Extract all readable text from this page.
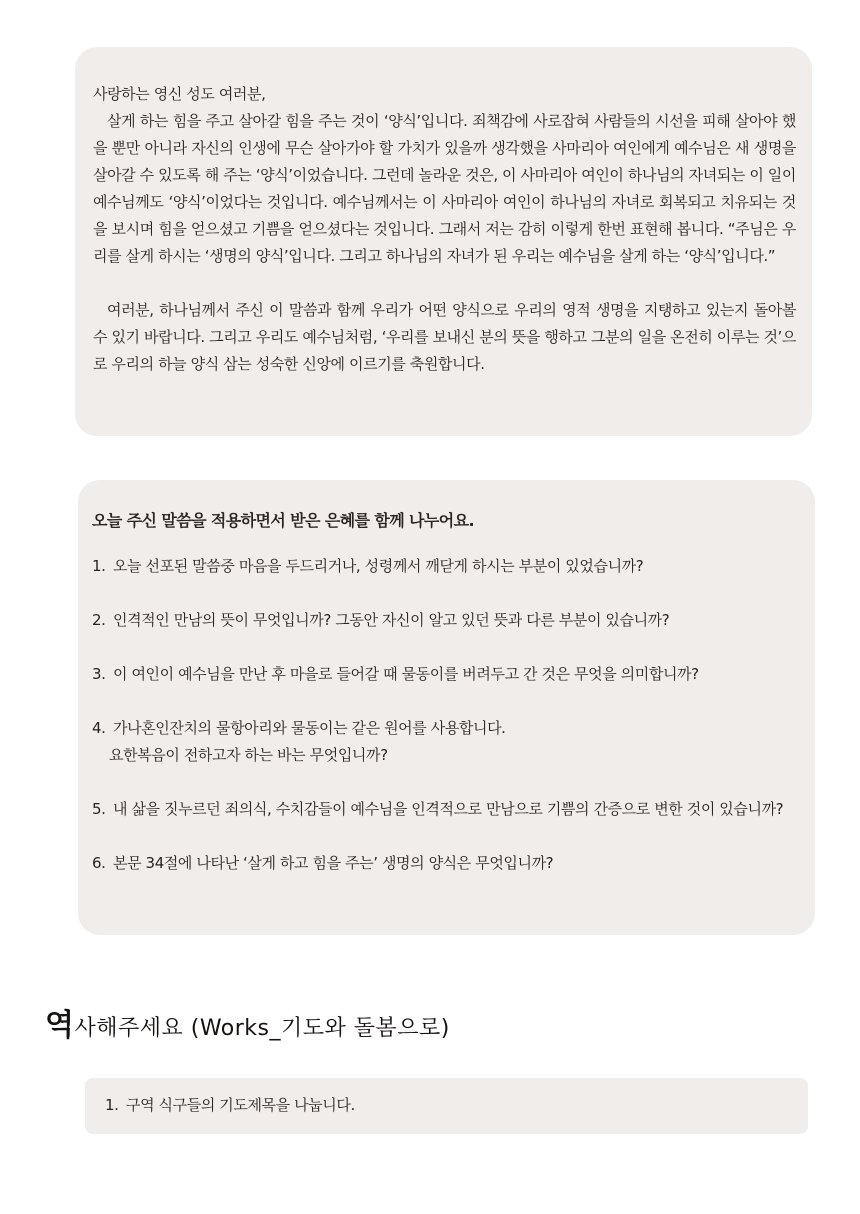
사랑하는 영신 성도 여러분,

살게 하는 힘을 주고 살아갈 힘을 주는 것이 ‘양식’입니다. 죄책감에 사로잡혀 사람들의 시선을 피해 살아야 했을 뿐만 아니라 자신의 인생에 무슨 살아가야 할 가치가 있을까 생각했을 사마리아 여인에게 예수님은 새 생명을 살아갈 수 있도록 해 주는 ‘양식’이었습니다. 그런데 놀라운 것은, 이 사마리아 여인이 하나님의 자녀되는 이 일이 예수님께도 ‘양식’이었다는 것입니다. 예수님께서는 이 사마리아 여인이 하나님의 자녀로 회복되고 치유되는 것을 보시며 힘을 얻으셨고 기쁨을 얻으셨다는 것입니다. 그래서 저는 감히 이렇게 한번 표현해 봅니다. “주님은 우리를 살게 하시는 ‘생명의 양식’입니다. 그리고 하나님의 자녀가 된 우리는 예수님을 살게 하는 ‘양식’입니다.”

여러분, 하나님께서 주신 이 말씀과 함께 우리가 어떤 양식으로 우리의 영적 생명을 지탱하고 있는지 돌아볼 수 있기 바랍니다. 그리고 우리도 예수님처럼, ‘우리를 보내신 분의 뜻을 행하고 그분의 일을 온전히 이루는 것’으로 우리의 하늘 양식 삼는 성숙한 신앙에 이르기를 축원합니다.

오늘 주신 말씀을 적용하면서 받은 은혜를 함께 나누어요.
1. 오늘 선포된 말씀중 마음을 두드리거나, 성령께서 깨닫게 하시는 부분이 있었습니까?
2. 인격적인 만남의 뜻이 무엇입니까? 그동안 자신이 알고 있던 뜻과 다른 부분이 있습니까?
3. 이 여인이 예수님을 만난 후 마을로 들어갈 때 물동이를 버려두고 간 것은 무엇을 의미합니까?
4. 가나혼인잔치의 물항아리와 물동이는 같은 원어를 사용합니다.
요한복음이 전하고자 하는 바는 무엇입니까?
5. 내 삶을 짓누르던 죄의식, 수치감들이 예수님을 인격적으로 만남으로 기쁨의 간증으로 변한 것이 있습니까?
6. 본문 34절에 나타난 ‘살게 하고 힘을 주는’ 생명의 양식은 무엇입니까?
역사해주세요 (Works_기도와 돌봄으로)
1. 구역 식구들의 기도제목을 나눕니다.
